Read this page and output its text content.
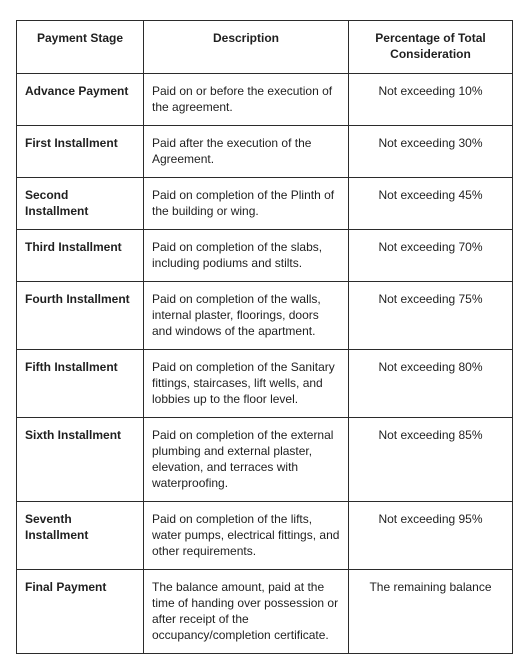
Payment Stage	Description	Percentage of Total Consideration

Advance Payment	Paid on or before the execution of the agreement.	Not exceeding 10%

First Installment	Paid after the execution of the Agreement.	Not exceeding 30%

Second Installment	Paid on completion of the Plinth of the building or wing.	Not exceeding 45%

Third Installment	Paid on completion of the slabs, including podiums and stilts.	Not exceeding 70%

Fourth Installment	Paid on completion of the walls, internal plaster, floorings, doors and windows of the apartment.	Not exceeding 75%

Fifth Installment	Paid on completion of the Sanitary fittings, staircases, lift wells, and lobbies up to the floor level.	Not exceeding 80%

Sixth Installment	Paid on completion of the external plumbing and external plaster, elevation, and terraces with waterproofing.	Not exceeding 85%

Seventh Installment	Paid on completion of the lifts, water pumps, electrical fittings, and other requirements.	Not exceeding 95%

Final Payment	The balance amount, paid at the time of handing over possession or after receipt of the occupancy/completion certificate.	The remaining balance
